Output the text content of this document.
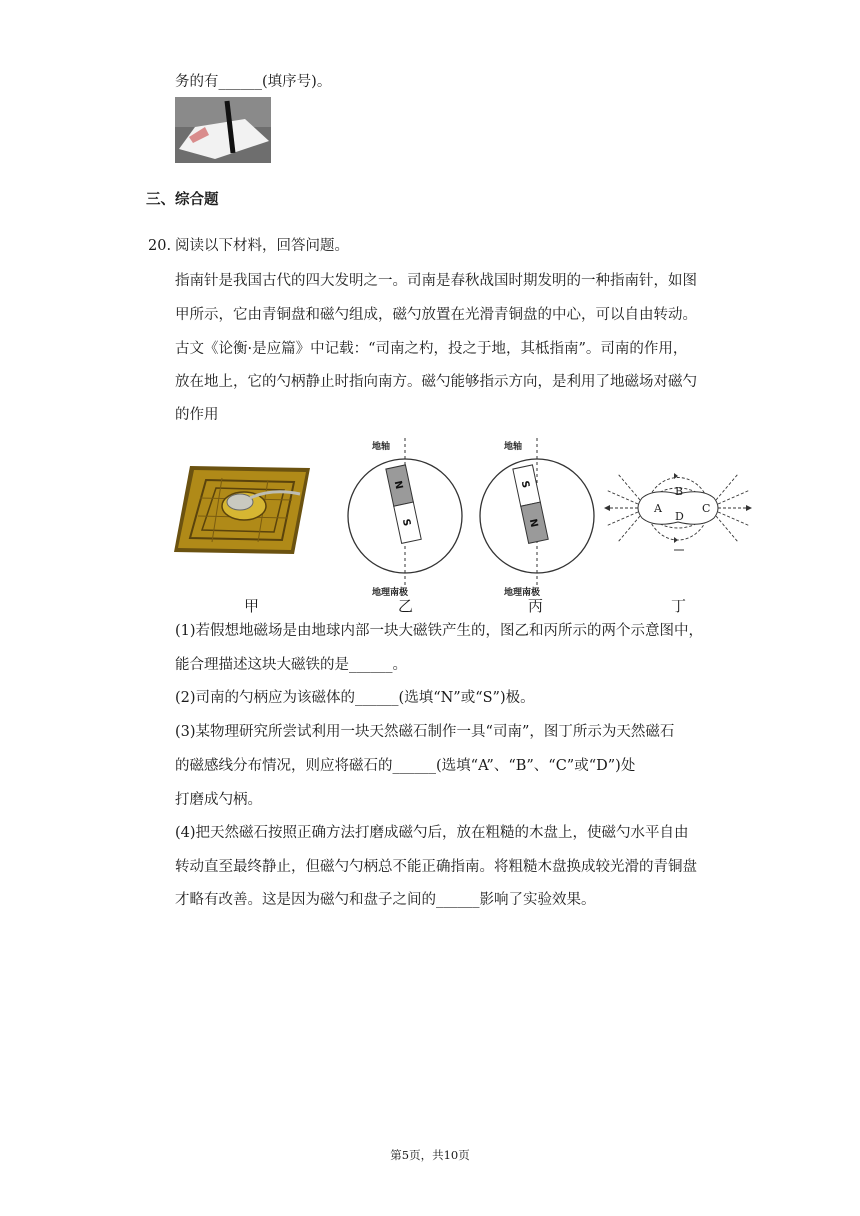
务的有______(填序号)。
三、综合题
20. 阅读以下材料，回答问题。
指南针是我国古代的四大发明之一。司南是春秋战国时期发明的一种指南针，如图
甲所示，它由青铜盘和磁勺组成，磁勺放置在光滑青铜盘的中心，可以自由转动。
古文《论衡·是应篇》中记载：“司南之杓，投之于地，其柢指南”。司南的作用，
放在地上，它的勺柄静止时指向南方。磁勺能够指示方向，是利用了地磁场对磁勺
的作用
地轴
地理南极
N
S
地轴
地理南极
S
N
A
B
C
D
甲	乙	丙	丁
(1)若假想地磁场是由地球内部一块大磁铁产生的，图乙和丙所示的两个示意图中，
能合理描述这块大磁铁的是______。
(2)司南的勺柄应为该磁体的______(选填“N”或“S”)极。
(3)某物理研究所尝试利用一块天然磁石制作一具“司南”，图丁所示为天然磁石
的磁感线分布情况，则应将磁石的______(选填“A”、“B”、“C”或“D”)处
打磨成勺柄。
(4)把天然磁石按照正确方法打磨成磁勺后，放在粗糙的木盘上，使磁勺水平自由
转动直至最终静止，但磁勺勺柄总不能正确指南。将粗糙木盘换成较光滑的青铜盘
才略有改善。这是因为磁勺和盘子之间的______影响了实验效果。
第5页，共10页
